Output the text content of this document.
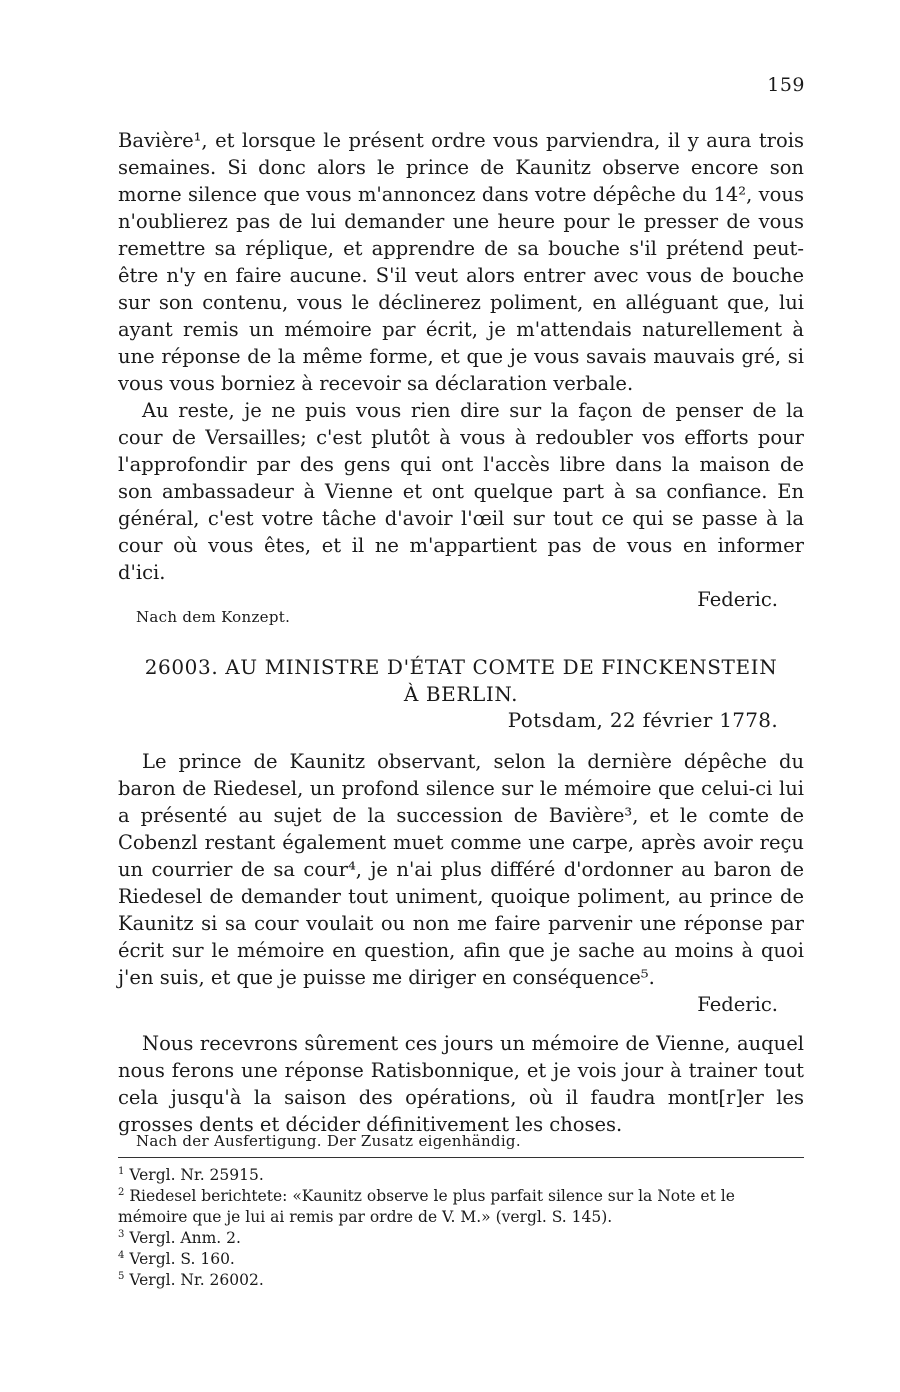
159

Bavière¹, et lorsque le présent ordre vous parviendra, il y aura trois semaines. Si donc alors le prince de Kaunitz observe encore son morne silence que vous m'annoncez dans votre dépêche du 14², vous n'oublierez pas de lui demander une heure pour le presser de vous remettre sa réplique, et apprendre de sa bouche s'il prétend peut-être n'y en faire aucune. S'il veut alors entrer avec vous de bouche sur son contenu, vous le déclinerez poliment, en alléguant que, lui ayant remis un mémoire par écrit, je m'attendais naturellement à une réponse de la même forme, et que je vous savais mauvais gré, si vous vous borniez à recevoir sa déclaration verbale.

Au reste, je ne puis vous rien dire sur la façon de penser de la cour de Versailles; c'est plutôt à vous à redoubler vos efforts pour l'approfondir par des gens qui ont l'accès libre dans la maison de son ambassadeur à Vienne et ont quelque part à sa confiance. En général, c'est votre tâche d'avoir l'œil sur tout ce qui se passe à la cour où vous êtes, et il ne m'appartient pas de vous en informer d'ici.

Federic.

Nach dem Konzept.
26003. AU MINISTRE D'ÉTAT COMTE DE FINCKENSTEIN
À BERLIN.
Potsdam, 22 février 1778.

Le prince de Kaunitz observant, selon la dernière dépêche du baron de Riedesel, un profond silence sur le mémoire que celui-ci lui a présenté au sujet de la succession de Bavière³, et le comte de Cobenzl restant également muet comme une carpe, après avoir reçu un courrier de sa cour⁴, je n'ai plus différé d'ordonner au baron de Riedesel de demander tout uniment, quoique poliment, au prince de Kaunitz si sa cour voulait ou non me faire parvenir une réponse par écrit sur le mémoire en question, afin que je sache au moins à quoi j'en suis, et que je puisse me diriger en conséquence⁵.

Federic.

Nous recevrons sûrement ces jours un mémoire de Vienne, auquel nous ferons une réponse Ratisbonnique, et je vois jour à trainer tout cela jusqu'à la saison des opérations, où il faudra mont[r]er les grosses dents et décider définitivement les choses.

Nach der Ausfertigung. Der Zusatz eigenhändig.

$^1$ Vergl. Nr. 25915.

$^2$ Riedesel berichtete: «Kaunitz observe le plus parfait silence sur la Note et le mémoire que je lui ai remis par ordre de V. M.» (vergl. S. 145).

$^3$ Vergl. Anm. 2.

$^4$ Vergl. S. 160.

$^5$ Vergl. Nr. 26002.
